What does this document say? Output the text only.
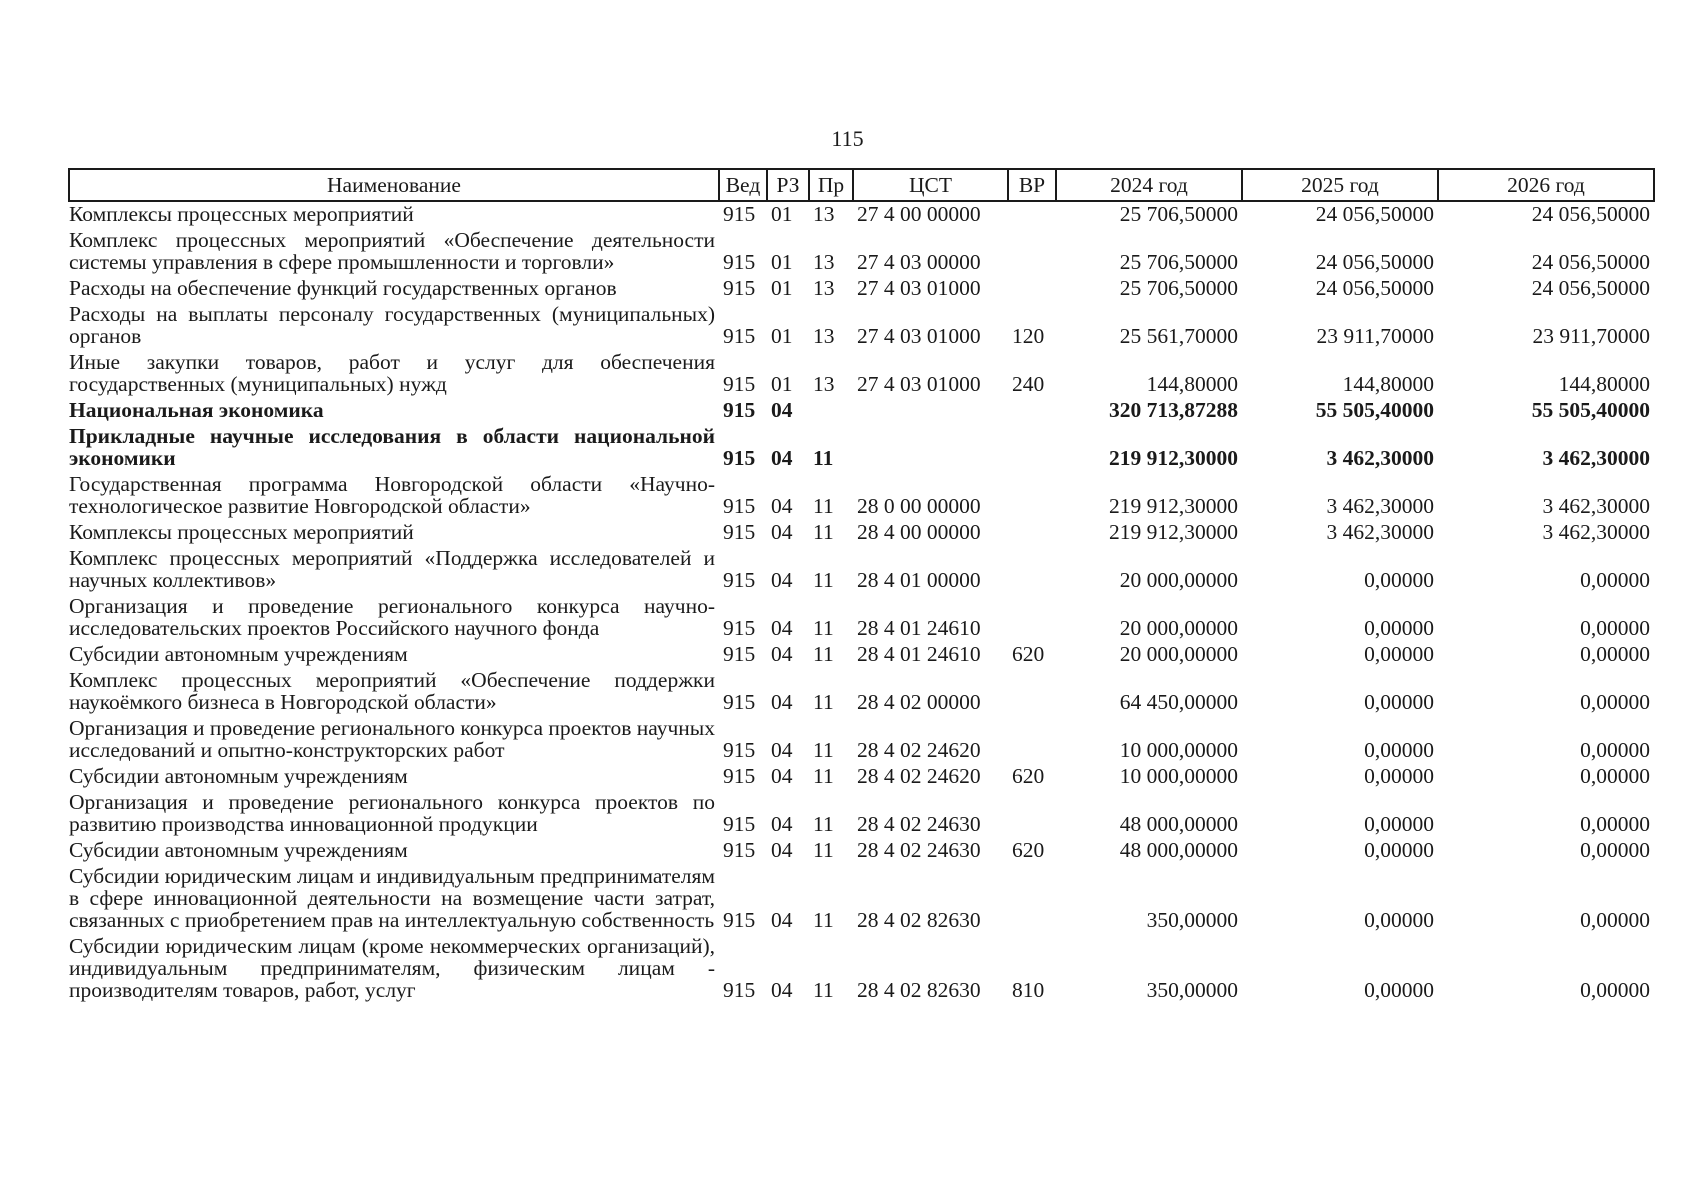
115
Наименование	Вед	РЗ	Пр	ЦСТ	ВР	2024 год	2025 год	2026 год
Комплексы процессных мероприятий	915	01	13	27 4 00 00000		25 706,50000	24 056,50000	24 056,50000
Комплекс процессных мероприятий «Обеспечение деятельности системы управления в сфере промышленности и торговли»	915	01	13	27 4 03 00000		25 706,50000	24 056,50000	24 056,50000
Расходы на обеспечение функций государственных органов	915	01	13	27 4 03 01000		25 706,50000	24 056,50000	24 056,50000
Расходы на выплаты персоналу государственных (муниципальных) органов	915	01	13	27 4 03 01000	120	25 561,70000	23 911,70000	23 911,70000
Иные закупки товаров, работ и услуг для обеспечения государственных (муниципальных) нужд	915	01	13	27 4 03 01000	240	144,80000	144,80000	144,80000
Национальная экономика	915	04				320 713,87288	55 505,40000	55 505,40000
Прикладные научные исследования в области национальной экономики	915	04	11			219 912,30000	3 462,30000	3 462,30000
Государственная программа Новгородской области «Научно-технологическое развитие Новгородской области»	915	04	11	28 0 00 00000		219 912,30000	3 462,30000	3 462,30000
Комплексы процессных мероприятий	915	04	11	28 4 00 00000		219 912,30000	3 462,30000	3 462,30000
Комплекс процессных мероприятий «Поддержка исследователей и научных коллективов»	915	04	11	28 4 01 00000		20 000,00000	0,00000	0,00000
Организация и проведение регионального конкурса научно-исследовательских проектов Российского научного фонда	915	04	11	28 4 01 24610		20 000,00000	0,00000	0,00000
Субсидии автономным учреждениям	915	04	11	28 4 01 24610	620	20 000,00000	0,00000	0,00000
Комплекс процессных мероприятий «Обеспечение поддержки наукоёмкого бизнеса в Новгородской области»	915	04	11	28 4 02 00000		64 450,00000	0,00000	0,00000
Организация и проведение регионального конкурса проектов научных исследований и опытно-конструкторских работ	915	04	11	28 4 02 24620		10 000,00000	0,00000	0,00000
Субсидии автономным учреждениям	915	04	11	28 4 02 24620	620	10 000,00000	0,00000	0,00000
Организация и проведение регионального конкурса проектов по развитию производства инновационной продукции	915	04	11	28 4 02 24630		48 000,00000	0,00000	0,00000
Субсидии автономным учреждениям	915	04	11	28 4 02 24630	620	48 000,00000	0,00000	0,00000
Субсидии юридическим лицам и индивидуальным предпринимателям в сфере инновационной деятельности на возмещение части затрат, связанных с приобретением прав на интеллектуальную собственность	915	04	11	28 4 02 82630		350,00000	0,00000	0,00000
Субсидии юридическим лицам (кроме некоммерческих организаций), индивидуальным предпринимателям, физическим лицам - производителям товаров, работ, услуг	915	04	11	28 4 02 82630	810	350,00000	0,00000	0,00000
